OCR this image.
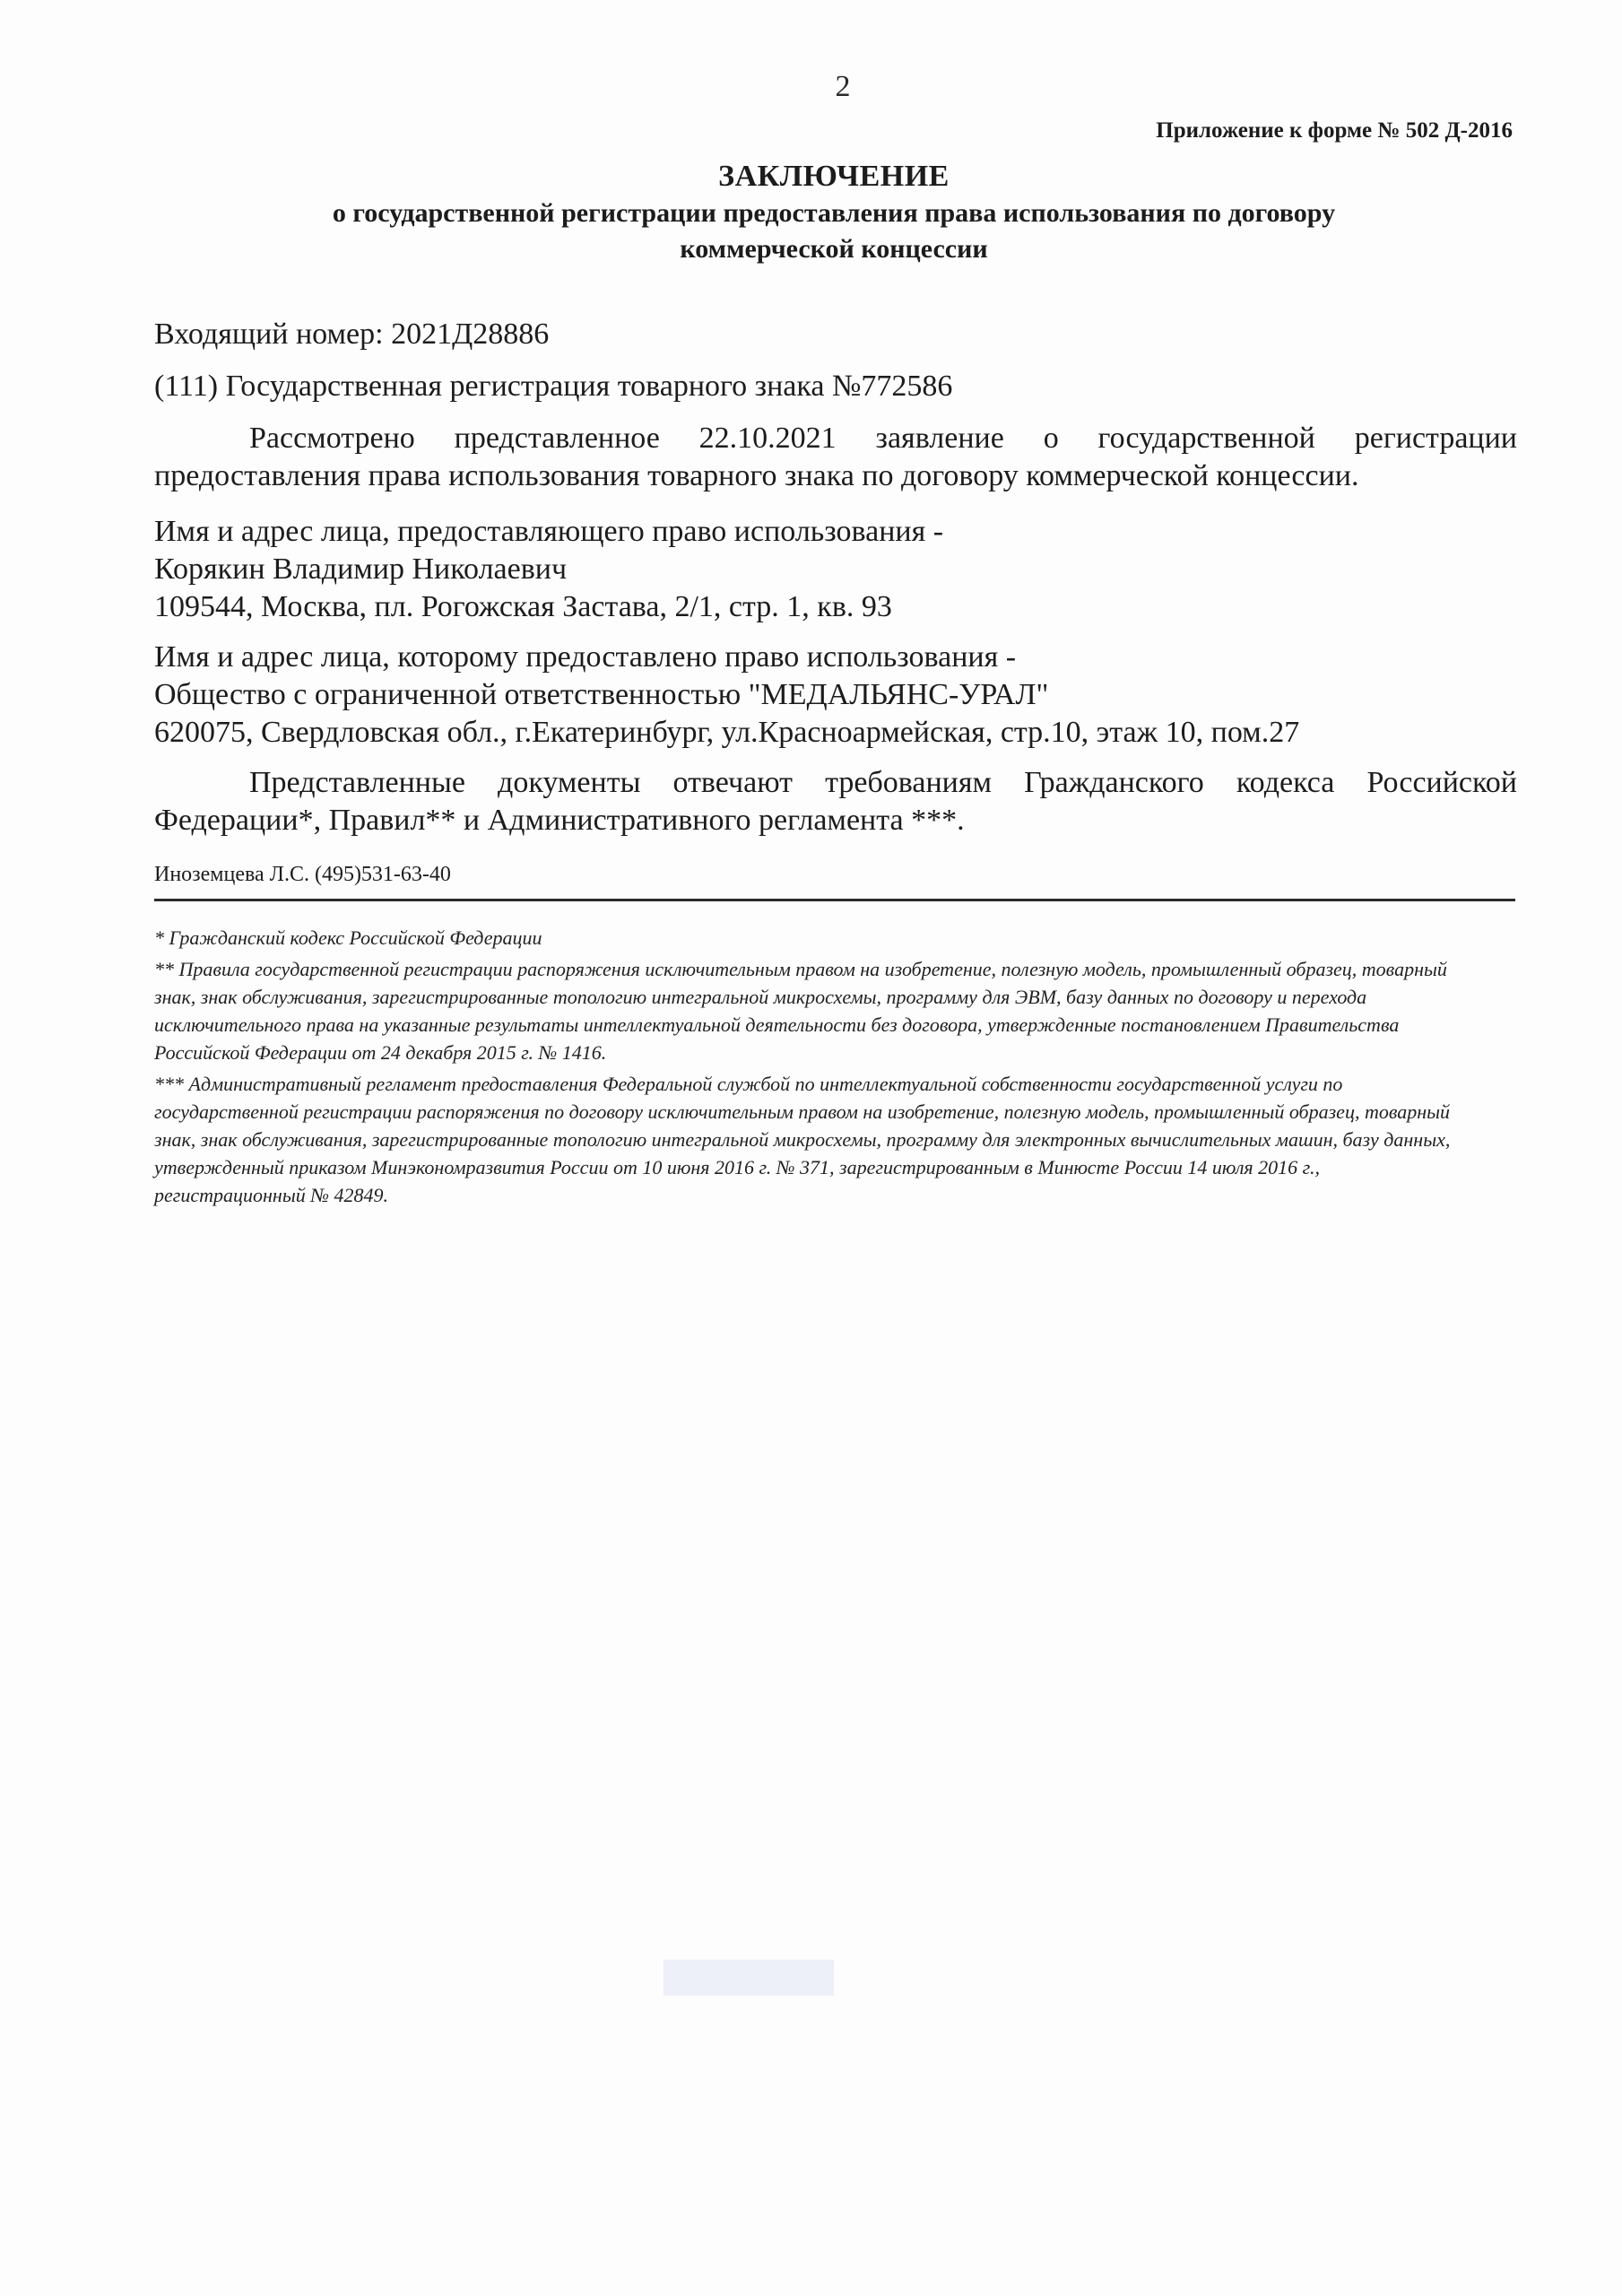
2
Приложение к форме № 502 Д-2016
ЗАКЛЮЧЕНИЕ
о государственной регистрации предоставления права использования по договору
коммерческой концессии
Входящий номер: 2021Д28886
(111) Государственная регистрация товарного знака №772586
Рассмотрено представленное 22.10.2021 заявление о государственной регистрации предоставления права использования товарного знака по договору коммерческой концессии.
Имя и адрес лица, предоставляющего право использования -
Корякин Владимир Николаевич
109544, Москва, пл. Рогожская Застава, 2/1, стр. 1, кв. 93
Имя и адрес лица, которому предоставлено право использования -
Общество с ограниченной ответственностью "МЕДАЛЬЯНС-УРАЛ"
620075, Свердловская обл., г.Екатеринбург, ул.Красноармейская, стр.10, этаж 10, пом.27
Представленные документы отвечают требованиям Гражданского кодекса Российской Федерации*, Правил** и Административного регламента ***.
Иноземцева Л.С. (495)531-63-40

* Гражданский кодекс Российской Федерации

** Правила государственной регистрации распоряжения исключительным правом на изобретение, полезную модель, промышленный образец, товарный знак, знак обслуживания, зарегистрированные топологию интегральной микросхемы, программу для ЭВМ, базу данных по договору и перехода исключительного права на указанные результаты интеллектуальной деятельности без договора, утвержденные постановлением Правительства Российской Федерации от 24 декабря 2015 г. № 1416.

*** Административный регламент предоставления Федеральной службой по интеллектуальной собственности государственной услуги по государственной регистрации распоряжения по договору исключительным правом на изобретение, полезную модель, промышленный образец, товарный знак, знак обслуживания, зарегистрированные топологию интегральной микросхемы, программу для электронных вычислительных машин, базу данных, утвержденный приказом Минэкономразвития России от 10 июня 2016 г. № 371, зарегистрированным в Минюсте России 14 июля 2016 г., регистрационный № 42849.
